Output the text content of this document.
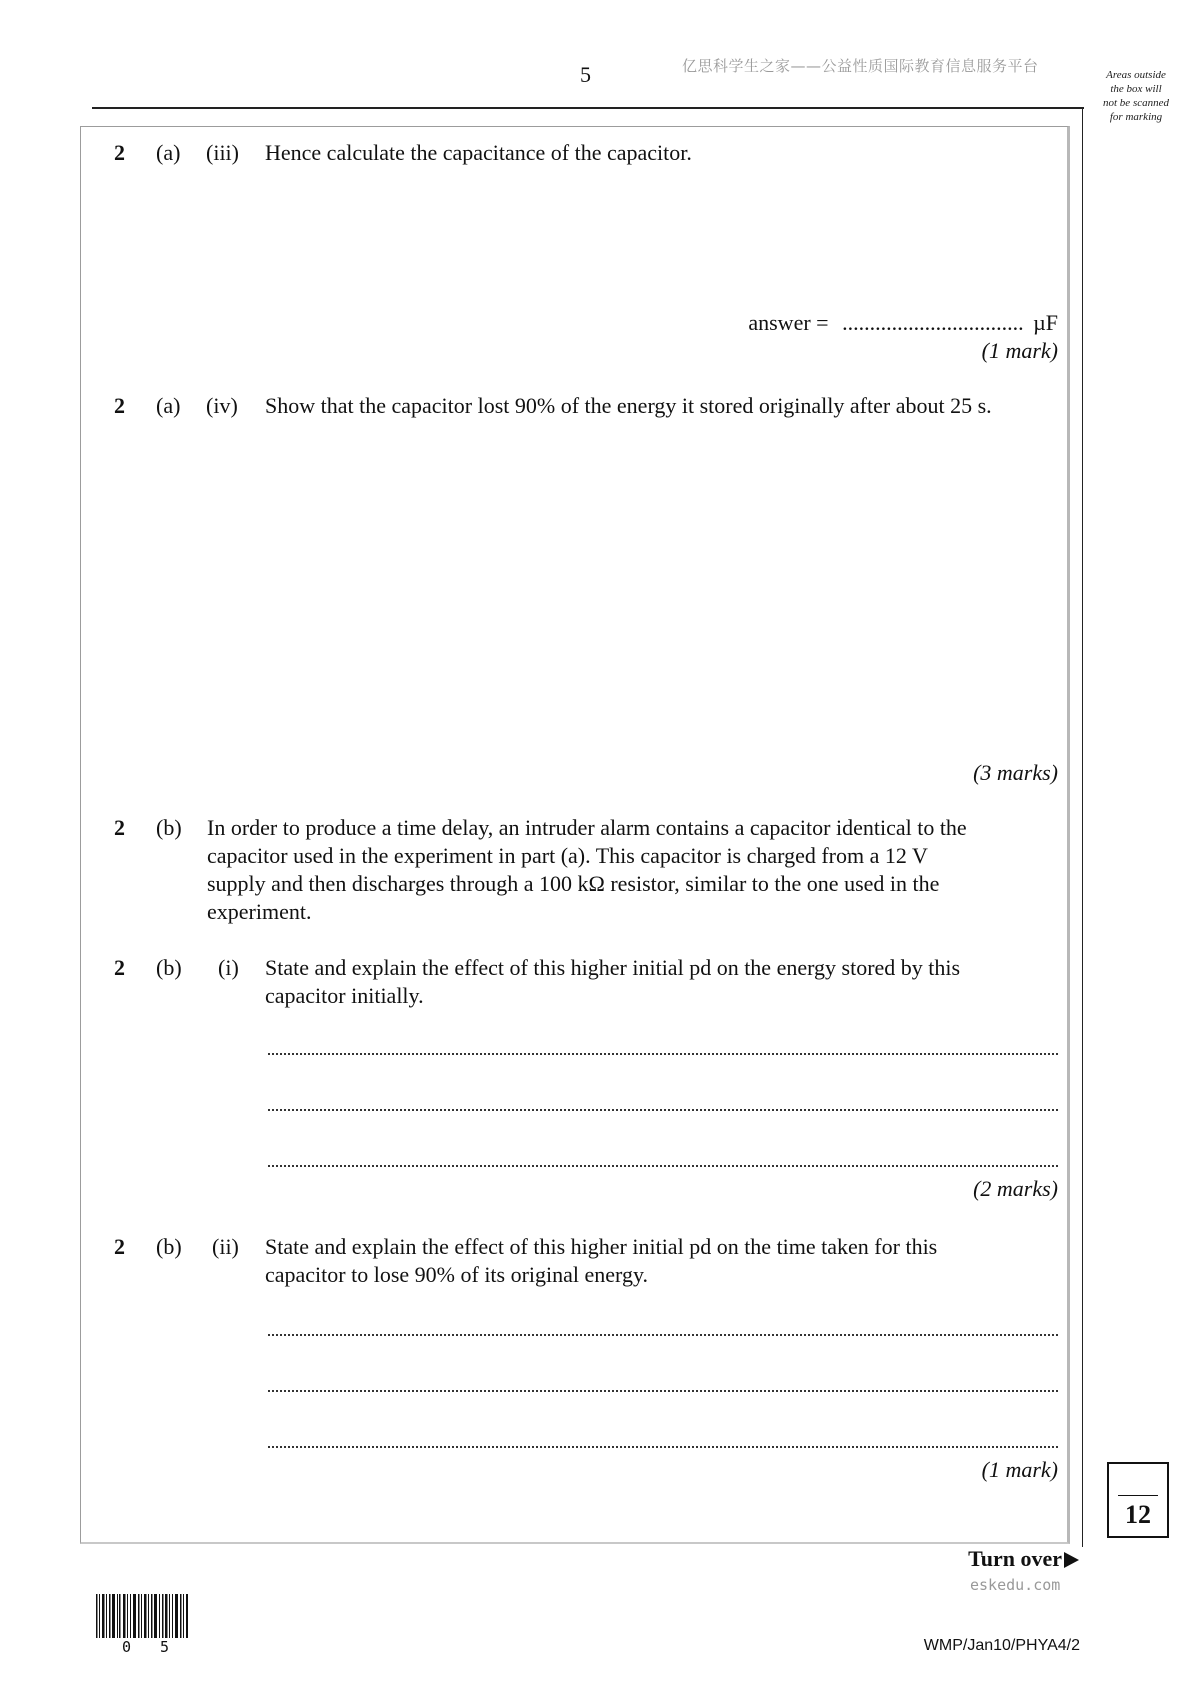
5	亿思科学生之家——公益性质国际教育信息服务平台	Areas outside
the box will
not be scanned
for marking
2 (a) (iii) Hence calculate the capacitance of the capacitor.
answer = ................................. µF
(1 mark)
2 (a) (iv) Show that the capacitor lost 90% of the energy it stored originally after about 25 s.
(3 marks)
2 (b) In order to produce a time delay, an intruder alarm contains a capacitor identical to the
capacitor used in the experiment in part (a). This capacitor is charged from a 12 V
supply and then discharges through a 100 kΩ resistor, similar to the one used in the
experiment.
2 (b) (i) State and explain the effect of this higher initial pd on the energy stored by this
capacitor initially.
(2 marks)
2 (b) (ii) State and explain the effect of this higher initial pd on the time taken for this
capacitor to lose 90% of its original energy.
(1 mark)
12
Turn over
eskedu.com
WMP/Jan10/PHYA4/2
0 5
